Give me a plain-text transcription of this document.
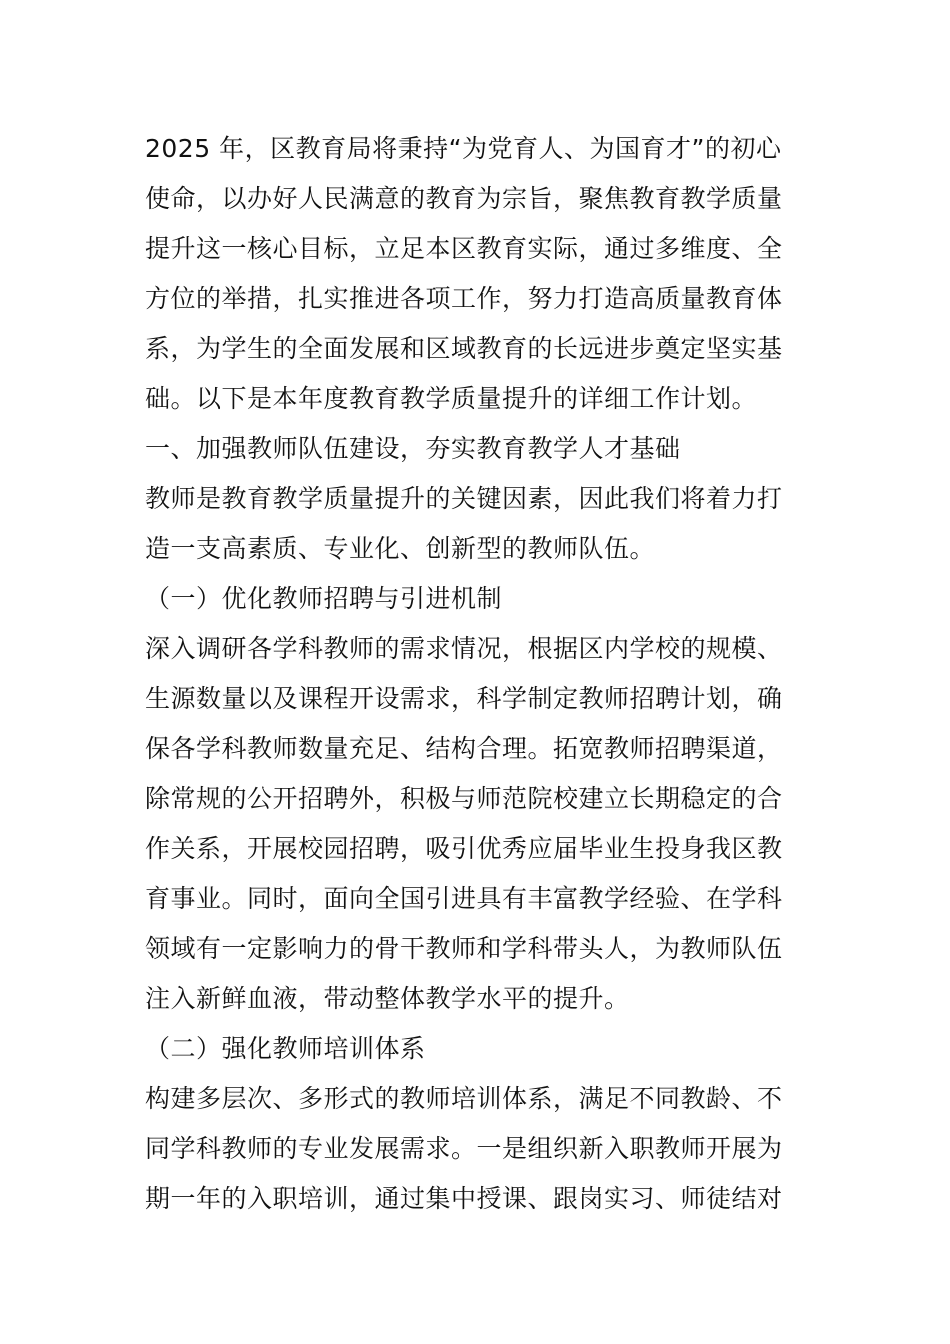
2025 年，区教育局将秉持“为党育人、为国育才”的初心
使命，以办好人民满意的教育为宗旨，聚焦教育教学质量
提升这一核心目标，立足本区教育实际，通过多维度、全
方位的举措，扎实推进各项工作，努力打造高质量教育体
系，为学生的全面发展和区域教育的长远进步奠定坚实基
础。以下是本年度教育教学质量提升的详细工作计划。
一、加强教师队伍建设，夯实教育教学人才基础
教师是教育教学质量提升的关键因素，因此我们将着力打
造一支高素质、专业化、创新型的教师队伍。
（一）优化教师招聘与引进机制
深入调研各学科教师的需求情况，根据区内学校的规模、
生源数量以及课程开设需求，科学制定教师招聘计划，确
保各学科教师数量充足、结构合理。拓宽教师招聘渠道，
除常规的公开招聘外，积极与师范院校建立长期稳定的合
作关系，开展校园招聘，吸引优秀应届毕业生投身我区教
育事业。同时，面向全国引进具有丰富教学经验、在学科
领域有一定影响力的骨干教师和学科带头人，为教师队伍
注入新鲜血液，带动整体教学水平的提升。
（二）强化教师培训体系
构建多层次、多形式的教师培训体系，满足不同教龄、不
同学科教师的专业发展需求。一是组织新入职教师开展为
期一年的入职培训，通过集中授课、跟岗实习、师徒结对
